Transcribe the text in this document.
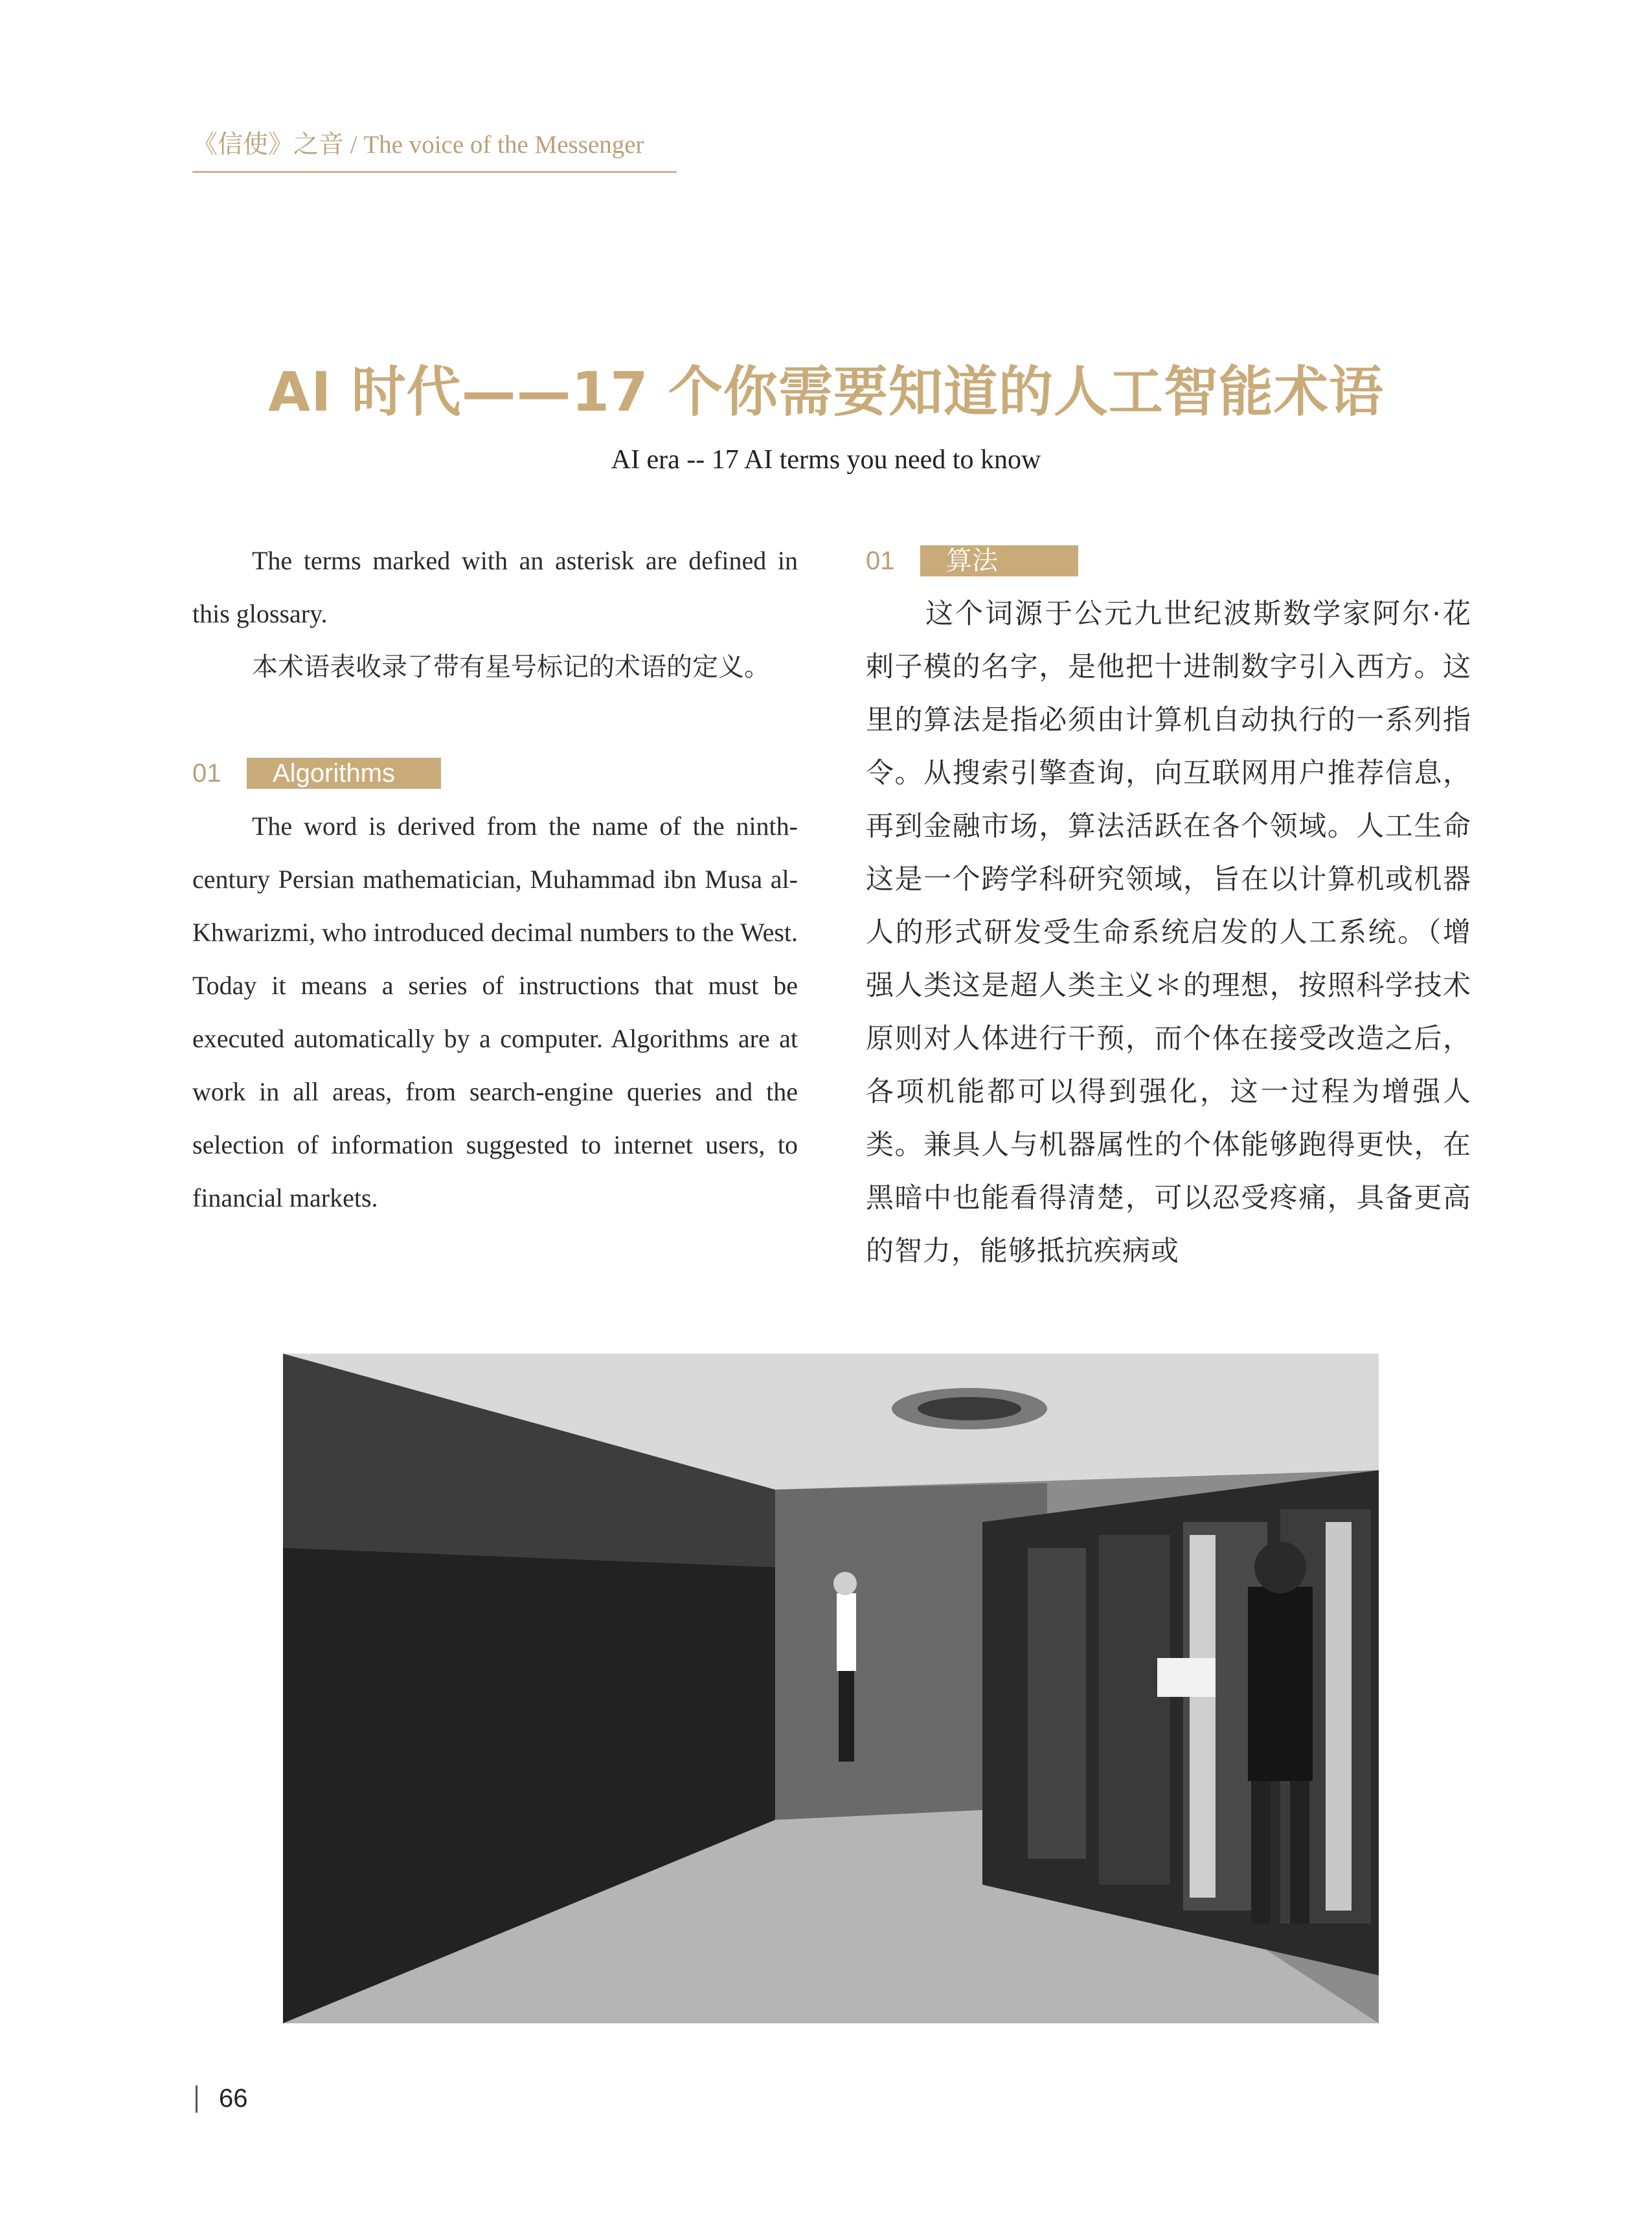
《信使》之音 / The voice of the Messenger
AI 时代——17 个你需要知道的人工智能术语
AI era -- 17 AI terms you need to know

The terms marked with an asterisk are defined in this glossary.

本术语表收录了带有星号标记的术语的定义。

01	Algorithms

The word is derived from the name of the ninth-century Persian mathematician, Muhammad ibn Musa al-Khwarizmi, who introduced decimal numbers to the West. Today it means a series of instructions that must be executed automatically by a computer. Algorithms are at work in all areas, from search-engine queries and the selection of information suggested to internet users, to financial markets.

01	算法

这个词源于公元九世纪波斯数学家阿尔·花剌子模的名字，是他把十进制数字引入西方。这里的算法是指必须由计算机自动执行的一系列指令。从搜索引擎查询，向互联网用户推荐信息，再到金融市场，算法活跃在各个领域。人工生命这是一个跨学科研究领域，旨在以计算机或机器人的形式研发受生命系统启发的人工系统。（增强人类这是超人类主义＊的理想，按照科学技术原则对人体进行干预，而个体在接受改造之后，各项机能都可以得到强化，这一过程为增强人类。兼具人与机器属性的个体能够跑得更快，在黑暗中也能看得清楚，可以忍受疼痛，具备更高的智力，能够抵抗疾病或

66
